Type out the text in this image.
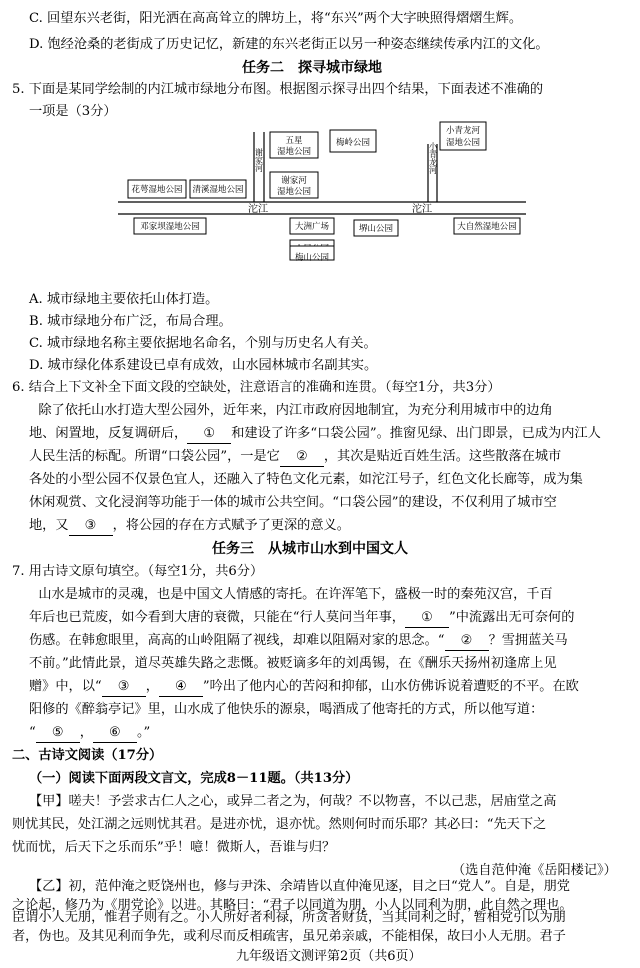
C. 回望东兴老街，阳光洒在高高耸立的牌坊上，将“东兴”两个大字映照得熠熠生辉。
D. 饱经沧桑的老街成了历史记忆，新建的东兴老街正以另一种姿态继续传承内江的文化。
任务二　探寻城市绿地
5. 下面是某同学绘制的内江城市绿地分布图。根据图示探寻出四个结果，下面表述不准确的
一项是（3分）
五星
湿地公园
梅岭公园
小青龙河
湿地公园
谢家河
湿地公园
花萼湿地公园 清溪湿地公园
邓家坝湿地公园	大洲广场
梅山公园
堺山公园	大自然湿地公园
沱江	沱江
谢家河	小青龙河
A. 城市绿地主要依托山体打造。
B. 城市绿地分布广泛，布局合理。
C. 城市绿地名称主要依据地名命名，个别与历史名人有关。
D. 城市绿化体系建设已卓有成效，山水园林城市名副其实。
6. 结合上下文补全下面文段的空缺处，注意语言的准确和连贯。（每空1分，共3分）
　　除了依托山水打造大型公园外，近年来，内江市政府因地制宜，为充分利用城市中的边角
地、闲置地，反复调研后， ① 和建设了许多“口袋公园”。推窗见绿、出门即景，已成为内江人
人民生活的标配。所谓“口袋公园”，一是它 ② ，其次是贴近百姓生活。这些散落在城市
各处的小型公园不仅景色宜人，还融入了特色文化元素，如沱江号子，红色文化长廊等，成为集
休闲观赏、文化浸润等功能于一体的城市公共空间。“口袋公园”的建设，不仅利用了城市空
地，又 ③ ，将公园的存在方式赋予了更深的意义。
任务三　从城市山水到中国文人
7. 用古诗文原句填空。（每空1分，共6分）
　　山水是城市的灵魂，也是中国文人情感的寄托。在许浑笔下，盛极一时的秦苑汉宫，千百
年后也已荒废，如今看到大唐的衰微，只能在“行人莫问当年事， ① ”中流露出无可奈何的
伤感。在韩愈眼里，高高的山岭阻隔了视线，却难以阻隔对家的思念。“ ② ？雪拥蓝关马
不前。”此情此景，道尽英雄失路之悲慨。被贬谪多年的刘禹锡，在《酬乐天扬州初逢席上见
赠》中，以“ ③ ， ④ ”吟出了他内心的苦闷和抑郁，山水仿佛诉说着遭贬的不平。在欧
阳修的《醉翁亭记》里，山水成了他快乐的源泉，喝酒成了他寄托的方式，所以他写道：
“ ⑤ ， ⑥ 。”
二、古诗文阅读（17分）
（一）阅读下面两段文言文，完成8－11题。（共13分）
【甲】嗟夫！予尝求古仁人之心，或异二者之为，何哉？不以物喜，不以己悲，居庙堂之高
则忧其民，处江湖之远则忧其君。是进亦忧，退亦忧。然则何时而乐耶？其必曰：“先天下之
忧而忧，后天下之乐而乐”乎！噫！微斯人，吾谁与归？
（选自范仲淹《岳阳楼记》）
【乙】初，范仲淹之贬饶州也，修与尹洙、余靖皆以直仲淹见逐，目之曰“党人”。自是，朋党
之论起，修乃为《朋党论》以进。其略曰：“君子以同道为朋，小人以同利为朋，此自然之理也。
臣谓小人无朋，惟君子则有之。小人所好者利禄，所贪者财货，当其同利之时，暂相党引以为朋
者，伪也。及其见利而争先，或利尽而反相疏害，虽兄弟亲戚，不能相保，故曰小人无朋。君子
九年级语文测评第2页（共6页）
